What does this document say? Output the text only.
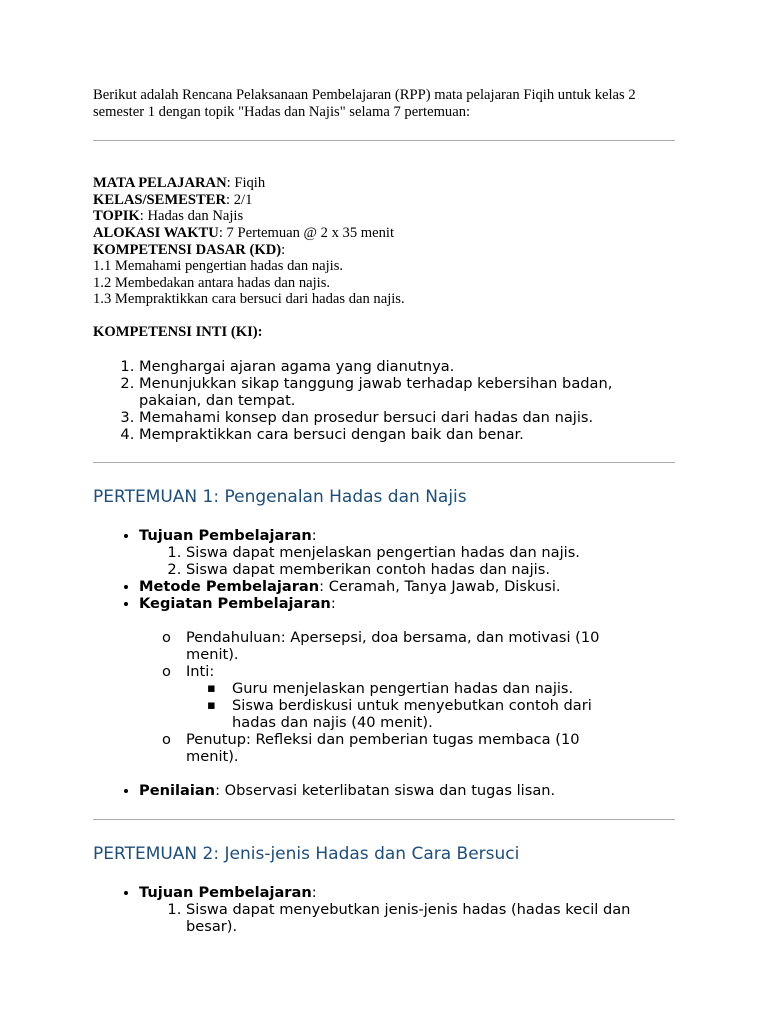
Berikut adalah Rencana Pelaksanaan Pembelajaran (RPP) mata pelajaran Fiqih untuk kelas 2 semester 1 dengan topik "Hadas dan Najis" selama 7 pertemuan:

MATA PELAJARAN: Fiqih

KELAS/SEMESTER: 2/1

TOPIK: Hadas dan Najis

ALOKASI WAKTU: 7 Pertemuan @ 2 x 35 menit

KOMPETENSI DASAR (KD):

1.1 Memahami pengertian hadas dan najis.

1.2 Membedakan antara hadas dan najis.

1.3 Mempraktikkan cara bersuci dari hadas dan najis.

KOMPETENSI INTI (KI):

1. Menghargai ajaran agama yang dianutnya.
2. Menunjukkan sikap tanggung jawab terhadap kebersihan badan, pakaian, dan tempat.
3. Memahami konsep dan prosedur bersuci dari hadas dan najis.
4. Mempraktikkan cara bersuci dengan baik dan benar.

PERTEMUAN 1: Pengenalan Hadas dan Najis

• Tujuan Pembelajaran:
1. Siswa dapat menjelaskan pengertian hadas dan najis.
2. Siswa dapat memberikan contoh hadas dan najis.
• Metode Pembelajaran: Ceramah, Tanya Jawab, Diskusi.
• Kegiatan Pembelajaran:
o Pendahuluan: Apersepsi, doa bersama, dan motivasi (10 menit).
o Inti:
▪ Guru menjelaskan pengertian hadas dan najis.
▪ Siswa berdiskusi untuk menyebutkan contoh dari hadas dan najis (40 menit).
o Penutup: Refleksi dan pemberian tugas membaca (10 menit).
• Penilaian: Observasi keterlibatan siswa dan tugas lisan.

PERTEMUAN 2: Jenis-jenis Hadas dan Cara Bersuci

• Tujuan Pembelajaran:
1. Siswa dapat menyebutkan jenis-jenis hadas (hadas kecil dan besar).
